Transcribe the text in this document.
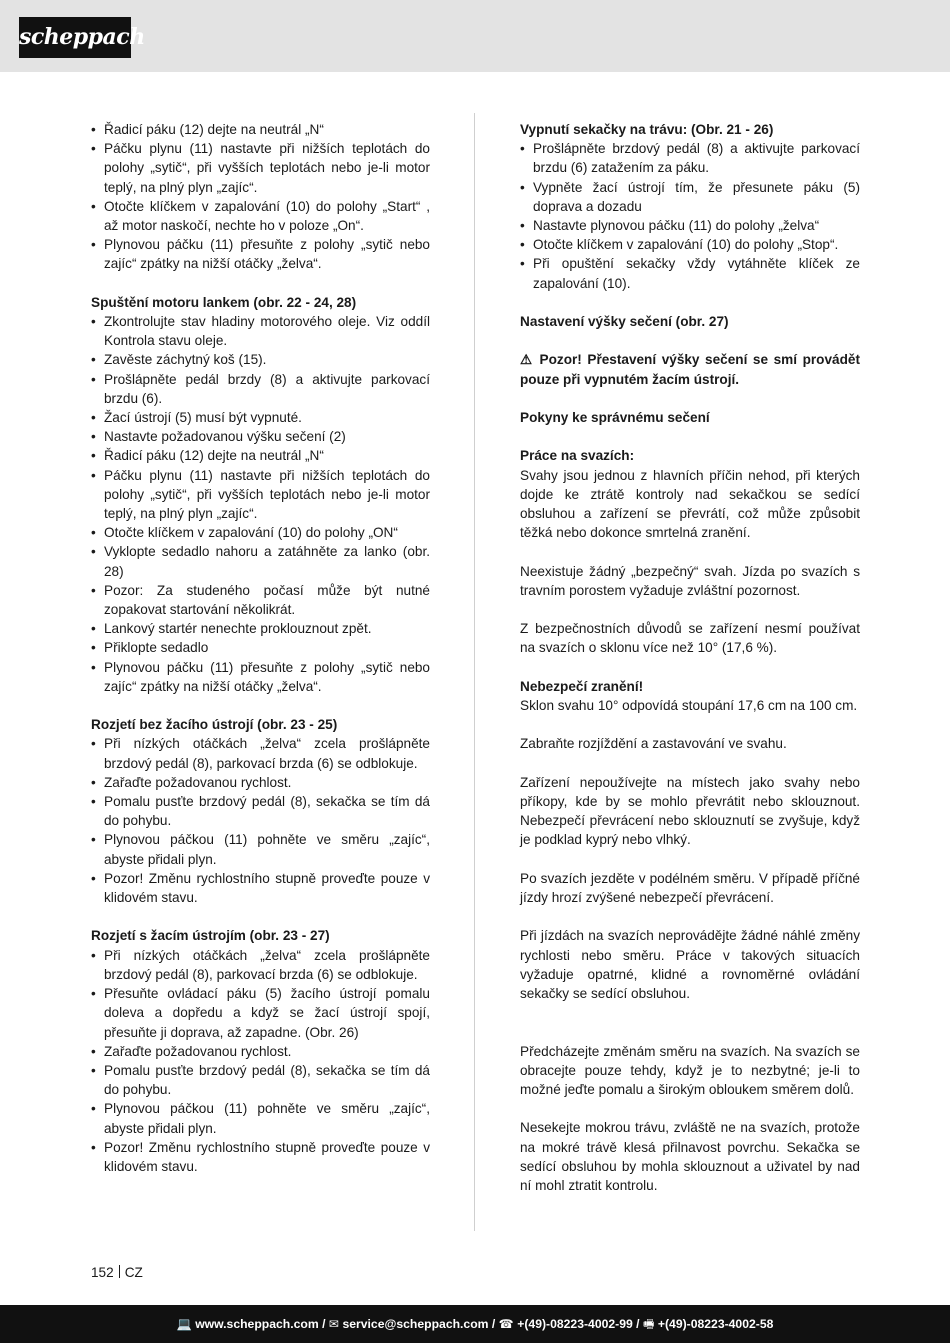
scheppach
• Řadicí páku (12) dejte na neutrál „N“
• Páčku plynu (11) nastavte při nižších teplotách do polohy „sytič“, při vyšších teplotách nebo je-li motor teplý, na plný plyn „zajíc“.
• Otočte klíčkem v zapalování (10) do polohy „Start“ , až motor naskočí, nechte ho v poloze „On“.
• Plynovou páčku (11) přesuňte z polohy „sytič nebo zajíc“ zpátky na nižší otáčky „želva“.
Spuštění motoru lankem (obr. 22 - 24, 28)
• Zkontrolujte stav hladiny motorového oleje. Viz oddíl Kontrola stavu oleje.
• Zavěste záchytný koš (15).
• Prošlápněte pedál brzdy (8) a aktivujte parkovací brzdu (6).
• Žací ústrojí (5) musí být vypnuté.
• Nastavte požadovanou výšku sečení (2)
• Řadicí páku (12) dejte na neutrál „N“
• Páčku plynu (11) nastavte při nižších teplotách do polohy „sytič“, při vyšších teplotách nebo je-li motor teplý, na plný plyn „zajíc“.
• Otočte klíčkem v zapalování (10) do polohy „ON“
• Vyklopte sedadlo nahoru a zatáhněte za lanko (obr. 28)
• Pozor: Za studeného počasí může být nutné zopakovat startování několikrát.
• Lankový startér nenechte proklouznout zpět.
• Přiklopte sedadlo
• Plynovou páčku (11) přesuňte z polohy „sytič nebo zajíc“ zpátky na nižší otáčky „želva“.
Rozjetí bez žacího ústrojí (obr. 23 - 25)
• Při nízkých otáčkách „želva“ zcela prošlápněte brzdový pedál (8), parkovací brzda (6) se odblokuje.
• Zařaďte požadovanou rychlost.
• Pomalu pusťte brzdový pedál (8), sekačka se tím dá do pohybu.
• Plynovou páčkou (11) pohněte ve směru „zajíc“, abyste přidali plyn.
• Pozor! Změnu rychlostního stupně proveďte pouze v klidovém stavu.
Rozjetí s žacím ústrojím (obr. 23 - 27)
• Při nízkých otáčkách „želva“ zcela prošlápněte brzdový pedál (8), parkovací brzda (6) se odblokuje.
• Přesuňte ovládací páku (5) žacího ústrojí pomalu doleva a dopředu a když se žací ústrojí spojí, přesuňte ji doprava, až zapadne. (Obr. 26)
• Zařaďte požadovanou rychlost.
• Pomalu pusťte brzdový pedál (8), sekačka se tím dá do pohybu.
• Plynovou páčkou (11) pohněte ve směru „zajíc“, abyste přidali plyn.
• Pozor! Změnu rychlostního stupně proveďte pouze v klidovém stavu.
Vypnutí sekačky na trávu: (Obr. 21 - 26)
• Prošlápněte brzdový pedál (8) a aktivujte parkovací brzdu (6) zatažením za páku.
• Vypněte žací ústrojí tím, že přesunete páku (5) doprava a dozadu
• Nastavte plynovou páčku (11) do polohy „želva“
• Otočte klíčkem v zapalování (10) do polohy „Stop“.
• Při opuštění sekačky vždy vytáhněte klíček ze zapalování (10).
Nastavení výšky sečení (obr. 27)

⚠ Pozor! Přestavení výšky sečení se smí provádět pouze při vypnutém žacím ústrojí.

Pokyny ke správnému sečení
Práce na svazích:

Svahy jsou jednou z hlavních příčin nehod, při kterých dojde ke ztrátě kontroly nad sekačkou se sedící obsluhou a zařízení se převrátí, což může způsobit těžká nebo dokonce smrtelná zranění.

Neexistuje žádný „bezpečný“ svah. Jízda po svazích s travním porostem vyžaduje zvláštní pozornost.

Z bezpečnostních důvodů se zařízení nesmí používat na svazích o sklonu více než 10° (17,6 %).

Nebezpečí zranění!

Sklon svahu 10° odpovídá stoupání 17,6 cm na 100 cm.

Zabraňte rozjíždění a zastavování ve svahu.

Zařízení nepoužívejte na místech jako svahy nebo příkopy, kde by se mohlo převrátit nebo sklouznout. Nebezpečí převrácení nebo sklouznutí se zvyšuje, když je podklad kyprý nebo vlhký.

Po svazích jezděte v podélném směru. V případě příčné jízdy hrozí zvýšené nebezpečí převrácení.

Při jízdách na svazích neprovádějte žádné náhlé změny rychlosti nebo směru. Práce v takových situacích vyžaduje opatrné, klidné a rovnoměrné ovládání sekačky se sedící obsluhou.

Předcházejte změnám směru na svazích. Na svazích se obracejte pouze tehdy, když je to nezbytné; je-li to možné jeďte pomalu a širokým obloukem směrem dolů.

Nesekejte mokrou trávu, zvláště ne na svazích, protože na mokré trávě klesá přilnavost povrchu. Sekačka se sedící obsluhou by mohla sklouznout a uživatel by nad ní mohl ztratit kontrolu.

152 CZ
💻 www.scheppach.com / ✉ service@scheppach.com / ☎ +(49)-08223-4002-99 / 🖷 +(49)-08223-4002-58
